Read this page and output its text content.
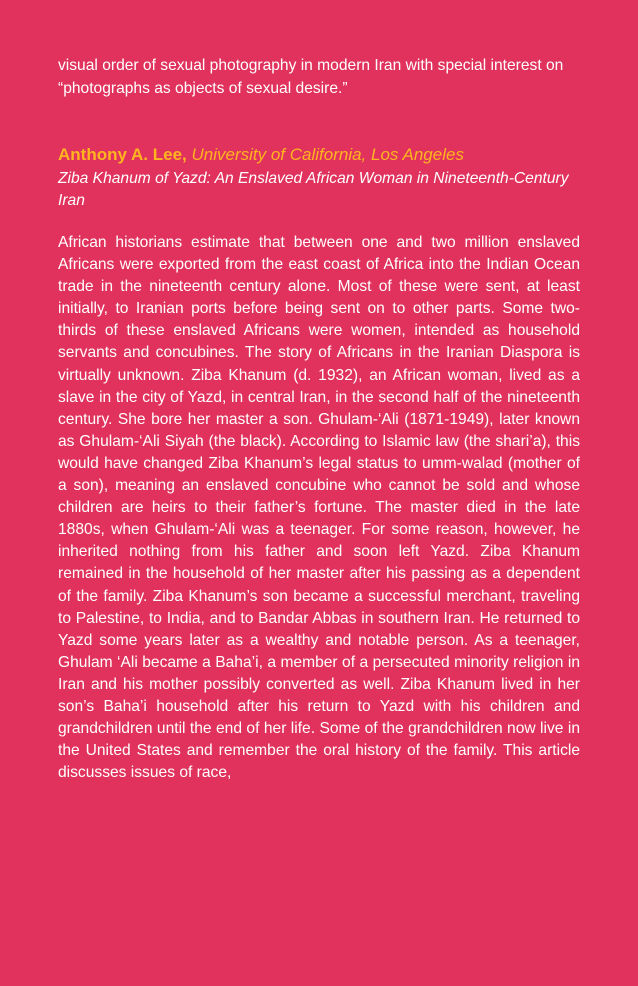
visual order of sexual photography in modern Iran with special interest on “photographs as objects of sexual desire.”

Anthony A. Lee, University of California, Los Angeles

Ziba Khanum of Yazd: An Enslaved African Woman in Nineteenth-Century Iran

African historians estimate that between one and two million enslaved Africans were exported from the east coast of Africa into the Indian Ocean trade in the nineteenth century alone. Most of these were sent, at least initially, to Iranian ports before being sent on to other parts. Some two-thirds of these enslaved Africans were women, intended as household servants and concubines. The story of Africans in the Iranian Diaspora is virtually unknown. Ziba Khanum (d. 1932), an African woman, lived as a slave in the city of Yazd, in central Iran, in the second half of the nineteenth century. She bore her master a son. Ghulam-‘Ali (1871-1949), later known as Ghulam-‘Ali Siyah (the black). According to Islamic law (the shari’a), this would have changed Ziba Khanum’s legal status to umm-walad (mother of a son), meaning an enslaved concubine who cannot be sold and whose children are heirs to their father’s fortune. The master died in the late 1880s, when Ghulam-‘Ali was a teenager. For some reason, however, he inherited nothing from his father and soon left Yazd. Ziba Khanum remained in the household of her master after his passing as a dependent of the family. Ziba Khanum’s son became a successful merchant, traveling to Palestine, to India, and to Bandar Abbas in southern Iran. He returned to Yazd some years later as a wealthy and notable person. As a teenager, Ghulam ‘Ali became a Baha’i, a member of a persecuted minority religion in Iran and his mother possibly converted as well. Ziba Khanum lived in her son’s Baha’i household after his return to Yazd with his children and grandchildren until the end of her life. Some of the grandchildren now live in the United States and remember the oral history of the family. This article discusses issues of race,
